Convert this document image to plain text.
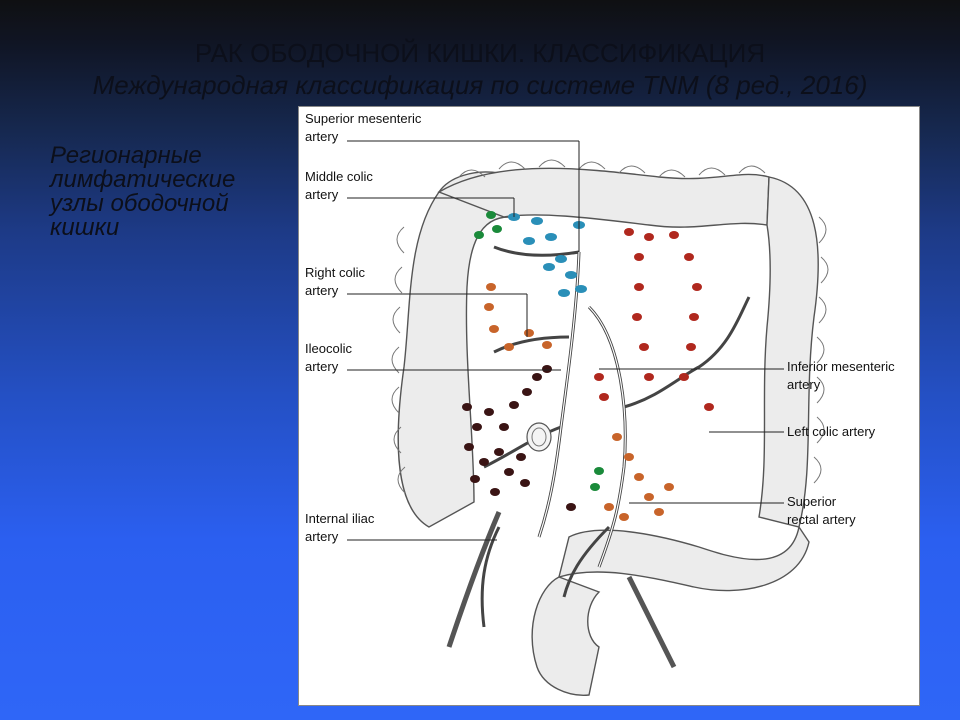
РАК ОБОДОЧНОЙ КИШКИ. КЛАССИФИКАЦИЯ
Международная классификация по системе TNM (8 ред., 2016)
Регионарные
лимфатические
узлы ободочной
кишки
Superior mesenteric
artery
Middle colic
artery
Right colic
artery
Ileocolic
artery
Internal iliac
artery
Inferior mesenteric
artery
Left colic artery
Superior
rectal artery
